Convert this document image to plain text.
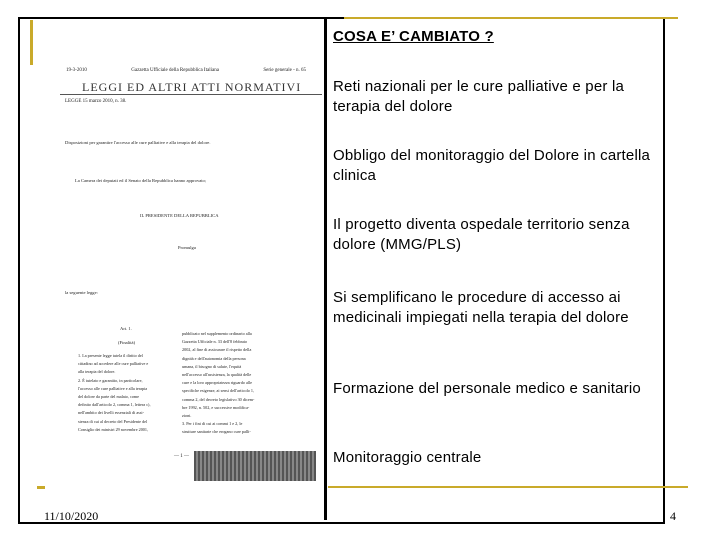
19-3-2010	Gazzetta Ufficiale della Repubblica Italiana	Serie generale - n. 65
LEGGI ED ALTRI ATTI NORMATIVI
LEGGE 15 marzo 2010, n. 38.
Disposizioni per garantire l'accesso alle cure palliative e alla terapia del dolore.
La Camera dei deputati ed il Senato della Repubblica hanno approvato;
IL PRESIDENTE DELLA REPUBBLICA
Promulga
la seguente legge:
Art. 1.
(Finalità)
1. La presente legge tutela il diritto del
cittadino ad accedere alle cure palliative e
alla terapia del dolore.
2. È tutelato e garantito, in particolare,
l'accesso alle cure palliative e alla terapia
del dolore da parte del malato, come
definito dall'articolo 2, comma 1, lettera c),
nell'ambito dei livelli essenziali di assi-
stenza di cui al decreto del Presidente del
Consiglio dei ministri 29 novembre 2001,
pubblicato nel supplemento ordinario alla
Gazzetta Ufficiale n. 33 dell'8 febbraio
2002, al fine di assicurare il rispetto della
dignità e dell'autonomia della persona
umana, il bisogno di salute, l'equità
nell'accesso all'assistenza, la qualità delle
cure e la loro appropriatezza riguardo alle
specifiche esigenze, ai sensi dell'articolo 1,
comma 2, del decreto legislativo 30 dicem-
bre 1992, n. 502, e successive modifica-
zioni.
3. Per i fini di cui ai commi 1 e 2, le
strutture sanitarie che erogano cure palli-
— 1 —
COSA E’ CAMBIATO ?
Reti nazionali per le cure palliative e per la terapia del dolore
Obbligo del monitoraggio del Dolore in cartella clinica
Il progetto diventa ospedale territorio senza dolore (MMG/PLS)
Si semplificano le procedure di accesso ai medicinali impiegati nella terapia del dolore
Formazione del personale medico e sanitario
Monitoraggio centrale
11/10/2020	4
